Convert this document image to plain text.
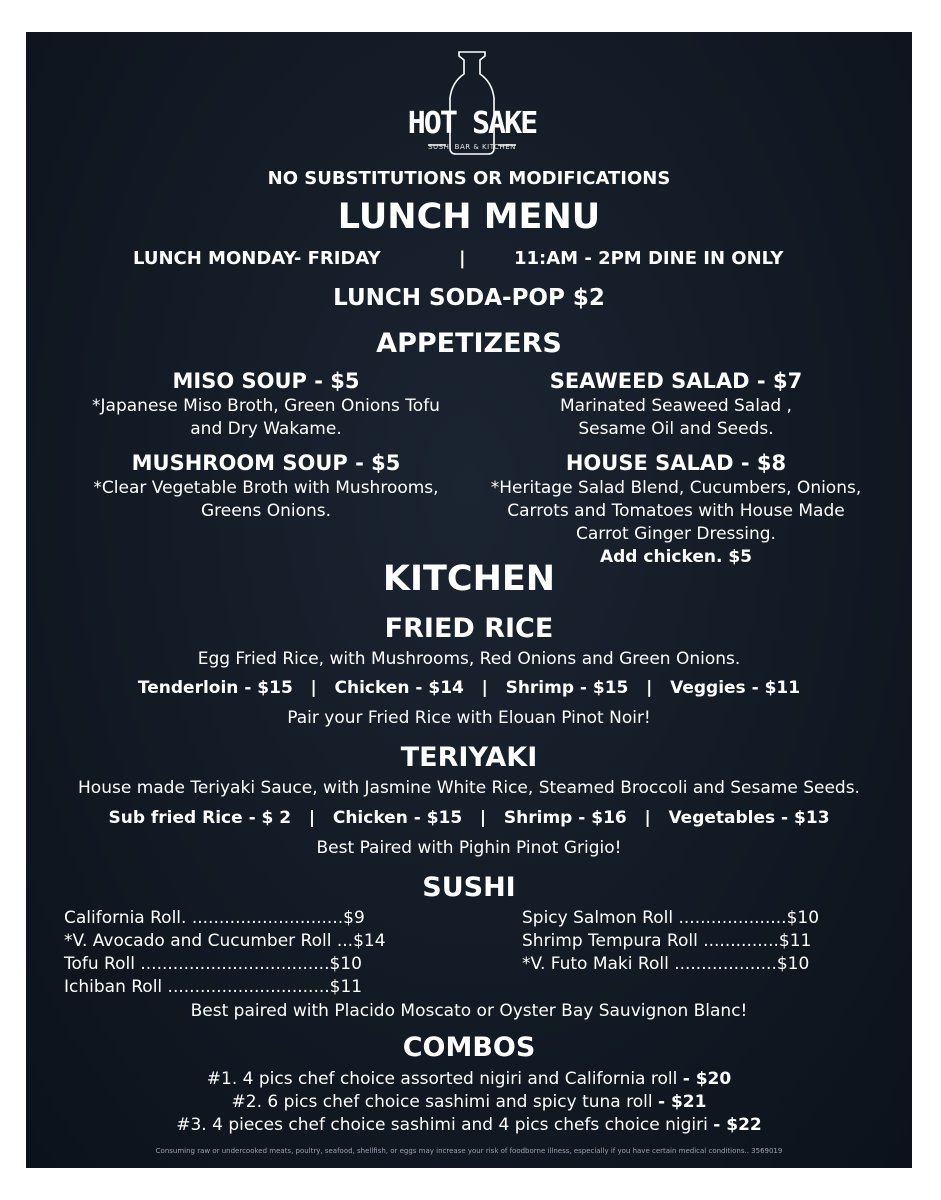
HOT SAKE
SUSHI BAR & KITCHEN
NO SUBSTITUTIONS OR MODIFICATIONS
LUNCH MENU
LUNCH MONDAY- FRIDAY	|	11:AM - 2PM DINE IN ONLY
LUNCH SODA-POP $2
APPETIZERS
MISO SOUP - $5
*Japanese Miso Broth, Green Onions Tofu
and Dry Wakame.
SEAWEED SALAD - $7
Marinated Seaweed Salad ,
Sesame Oil and Seeds.
MUSHROOM SOUP - $5
*Clear Vegetable Broth with Mushrooms,
Greens Onions.
HOUSE SALAD - $8
*Heritage Salad Blend, Cucumbers, Onions,
Carrots and Tomatoes with House Made
Carrot Ginger Dressing.
Add chicken. $5
KITCHEN
FRIED RICE
Egg Fried Rice, with Mushrooms, Red Onions and Green Onions.
Tenderloin - $15   |   Chicken - $14   |   Shrimp - $15   |   Veggies - $11
Pair your Fried Rice with Elouan Pinot Noir!
TERIYAKI
House made Teriyaki Sauce, with Jasmine White Rice, Steamed Broccoli and Sesame Seeds.
Sub fried Rice - $ 2   |   Chicken - $15   |   Shrimp - $16   |   Vegetables - $13
Best Paired with Pighin Pinot Grigio!
SUSHI
California Roll. ............................$9
*V. Avocado and Cucumber Roll ...$14
Tofu Roll ...................................$10
Ichiban Roll ..............................$11
Spicy Salmon Roll ....................$10
Shrimp Tempura Roll ..............$11
*V. Futo Maki Roll ...................$10
Best paired with Placido Moscato or Oyster Bay Sauvignon Blanc!
COMBOS
#1. 4 pics chef choice assorted nigiri and California roll - $20
#2. 6 pics chef choice sashimi and spicy tuna roll - $21
#3. 4 pieces chef choice sashimi and 4 pics chefs choice nigiri - $22
Consuming raw or undercooked meats, poultry, seafood, shellfish, or eggs may increase your risk of foodborne illness, especially if you have certain medical conditions.. 3569019
